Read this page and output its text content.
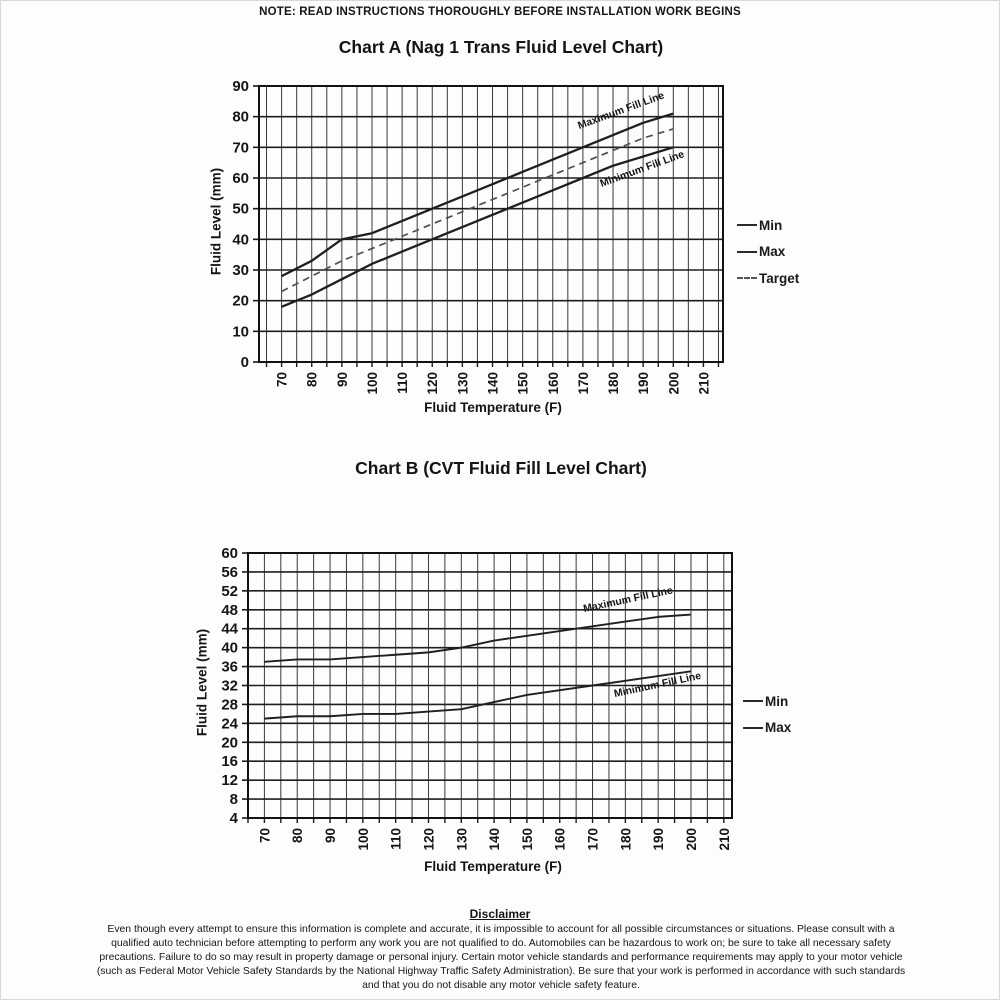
NOTE: READ INSTRUCTIONS THOROUGHLY BEFORE INSTALLATION WORK BEGINS
Chart A (Nag 1 Trans Fluid Level Chart)
Chart B (CVT Fluid Fill Level Chart)
0
10
20
30
40
50
60
70
80
90
70 80 90 100 110 120 130 140 150 160 170 180 190 200 210
Maximum Fill Line
Minimum Fill Line
4
8
12
16
20
24
28
32
36
40
44
48
52
56
60
70 80 90 100 110 120 130 140 150 160 170 180 190 200 210
Maximum Fill Line
Minimum Fill Line
Fluid Level (mm)
Fluid Temperature (F)
Fluid Level (mm)
Fluid Temperature (F)
Min
Max
Target
Min
Max
Disclaimer
Even though every attempt to ensure this information is complete and accurate, it is impossible to account for all possible circumstances or situations. Please consult with a qualified auto technician before attempting to perform any work you are not qualified to do. Automobiles can be hazardous to work on; be sure to take all necessary safety precautions. Failure to do so may result in property damage or personal injury. Certain motor vehicle standards and performance requirements may apply to your motor vehicle (such as Federal Motor Vehicle Safety Standards by the National Highway Traffic Safety Administration). Be sure that your work is performed in accordance with such standards and that you do not disable any motor vehicle safety feature.
